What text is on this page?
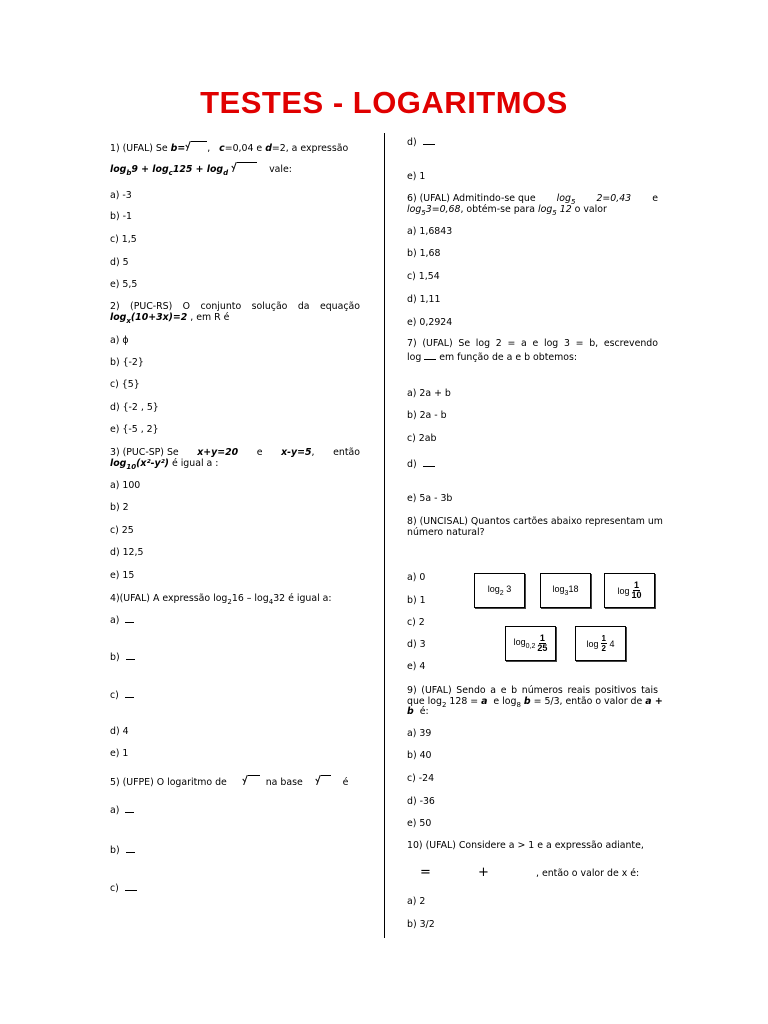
TESTES - LOGARITMOS
1) (UFAL) Se b= , c=0,04 e d=2, a expressão
$\log_b9 + \log_c125 + \log_d$	vale:
a) -3
b) -1
c) 1,5
d) 5
e) 5,5
2) (PUC-RS) O conjunto solução da equação
$\log_x(10+3x)=2$ , em R é
a) ϕ
b) {-2}
c) {5}
d) {-2 , 5}
e) {-5 , 2}
3) (PUC-SP) Se x+y=20 e x-y=5, então
$\log_{10}(x^2-y^2)$ é igual a :
a) 100
b) 2
c) 25
d) 12,5
e) 15
4)(UFAL) A expressão $\log_216 - \log_432$ é igual a:
a)
b)
c)
d) 4
e) 1
5) (UFPE) O logaritmo de	na base	é
a)
b)
c)
d)
e) 1
6) (UFAL) Admitindo-se que $\log_5 2=0,43$ e
$\log_53=0,68$, obtém-se para $\log_5 12$ o valor
a) 1,6843
b) 1,68
c) 1,54
d) 1,11
e) 0,2924
7) (UFAL) Se log 2 = a e log 3 = b, escrevendo
log em função de a e b obtemos:
a) 2a + b
b) 2a - b
c) 2ab
d)
e) 5a - 3b
8) (UNCISAL) Quantos cartões abaixo representam um
número natural?
a) 0
b) 1
c) 2
d) 3
e) 4
$\log_2 3$	$\log_318$	$\log \frac{1}{10}$
$\log_{0,2} \frac{1}{25}$	$\log \frac{1}{2}$
4
9) (UFAL) Sendo a e b números reais positivos tais
que $\log_2 128 = a$ e $\log_8 b = 5/3$, então o valor de a +
b é:
a) 39
b) 40
c) -24
d) -36
e) 50
10) (UFAL) Considere a > 1 e a expressão adiante,
=	+	, então o valor de x é:
a) 2
b) 3/2
